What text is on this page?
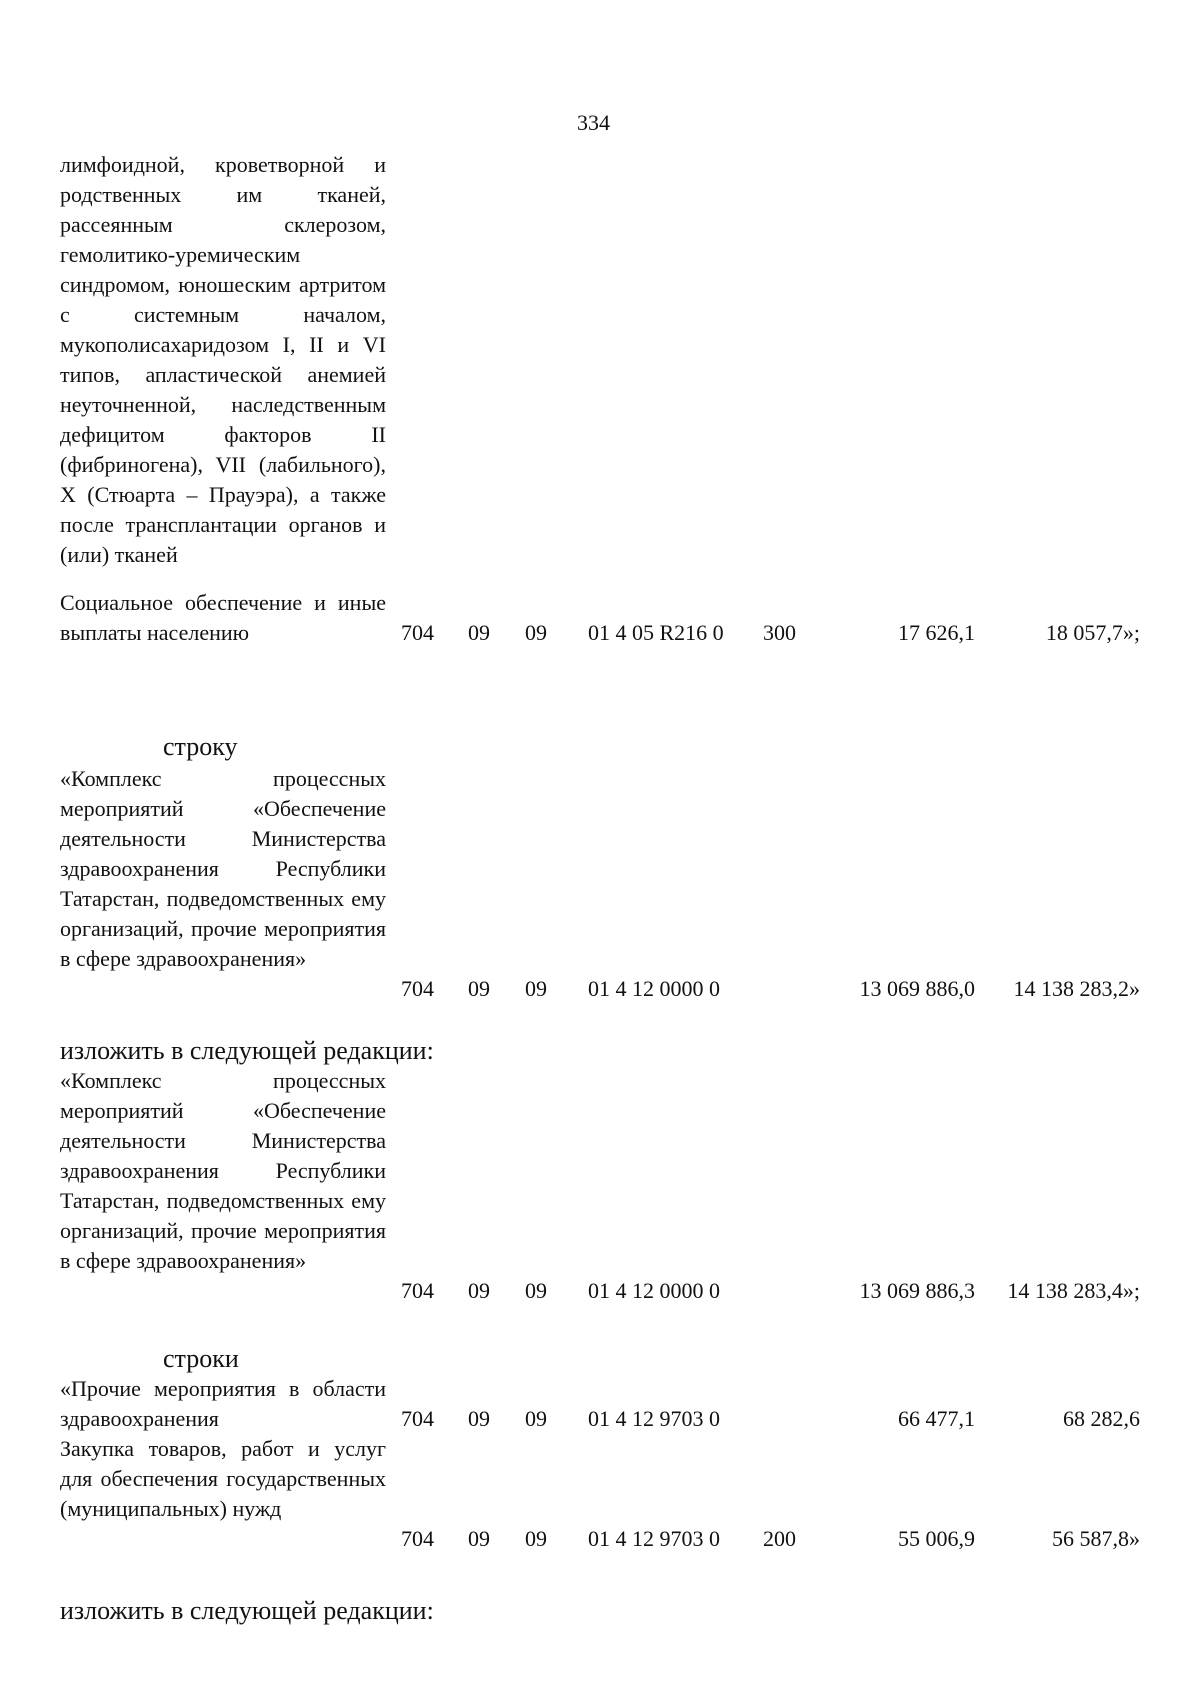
334

лимфоидной, кроветворной и родственных им тканей, рассеянным склерозом, гемолитико-уремическим синдромом, юношеским артритом с системным началом, мукополисахаридозом I, II и VI типов, апластической анемией неуточненной, наследственным дефицитом факторов II (фибриногена), VII (лабильного), X (Стюарта – Прауэра), а также после трансплантации органов и (или) тканей

Социальное обеспечение и иные выплаты населению	704 09 09 01 4 05 R216 0 300	17 626,1	18 057,7»;
строку

«Комплекс процессных мероприятий «Обеспечение деятельности Министерства здравоохранения Республики Татарстан, подведомственных ему организаций, прочие мероприятия в сфере здравоохранения»

704 09 09 01 4 12 0000 0	13 069 886,0 14 138 283,2»
изложить в следующей редакции:

«Комплекс процессных мероприятий «Обеспечение деятельности Министерства здравоохранения Республики Татарстан, подведомственных ему организаций, прочие мероприятия в сфере здравоохранения»

704 09 09 01 4 12 0000 0	13 069 886,3 14 138 283,4»;
строки

«Прочие мероприятия в области здравоохранения	704 09 09 01 4 12 9703 0	66 477,1	68 282,6

Закупка товаров, работ и услуг для обеспечения государственных (муниципальных) нужд

704 09 09 01 4 12 9703 0 200	55 006,9	56 587,8»
изложить в следующей редакции:
